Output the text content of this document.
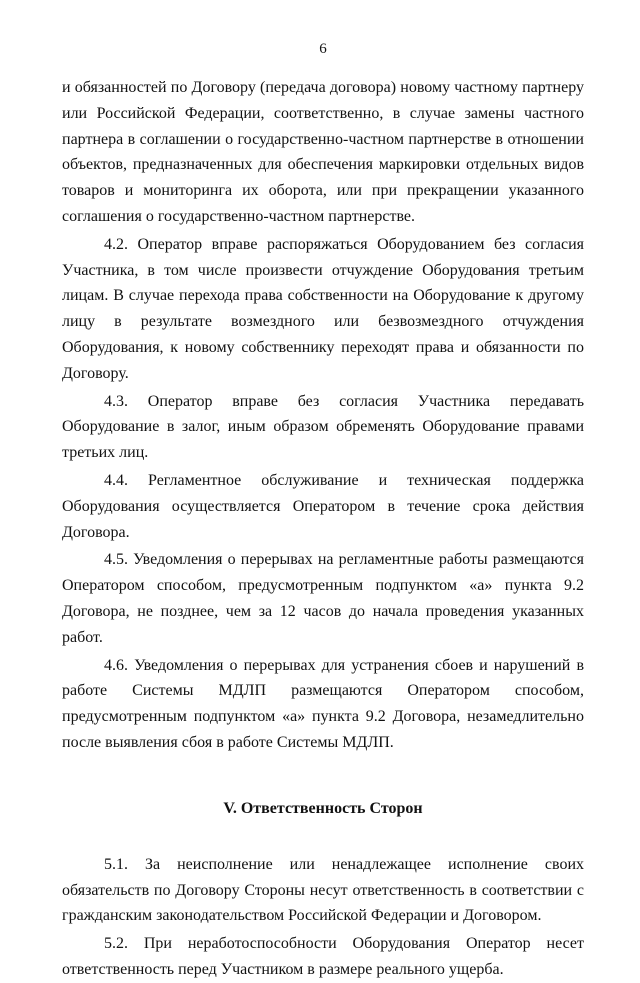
6

и обязанностей по Договору (передача договора) новому частному партнеру или Российской Федерации, соответственно, в случае замены частного партнера в соглашении о государственно-частном партнерстве в отношении объектов, предназначенных для обеспечения маркировки отдельных видов товаров и мониторинга их оборота, или при прекращении указанного соглашения о государственно-частном партнерстве.

4.2. Оператор вправе распоряжаться Оборудованием без согласия Участника, в том числе произвести отчуждение Оборудования третьим лицам. В случае перехода права собственности на Оборудование к другому лицу в результате возмездного или безвозмездного отчуждения Оборудования, к новому собственнику переходят права и обязанности по Договору.

4.3. Оператор вправе без согласия Участника передавать Оборудование в залог, иным образом обременять Оборудование правами третьих лиц.

4.4. Регламентное обслуживание и техническая поддержка Оборудования осуществляется Оператором в течение срока действия Договора.

4.5. Уведомления о перерывах на регламентные работы размещаются Оператором способом, предусмотренным подпунктом «а» пункта 9.2 Договора, не позднее, чем за 12 часов до начала проведения указанных работ.

4.6. Уведомления о перерывах для устранения сбоев и нарушений в работе Системы МДЛП размещаются Оператором способом, предусмотренным подпунктом «а» пункта 9.2 Договора, незамедлительно после выявления сбоя в работе Системы МДЛП.

V. Ответственность Сторон

5.1. За неисполнение или ненадлежащее исполнение своих обязательств по Договору Стороны несут ответственность в соответствии с гражданским законодательством Российской Федерации и Договором.

5.2. При неработоспособности Оборудования Оператор несет ответственность перед Участником в размере реального ущерба.
